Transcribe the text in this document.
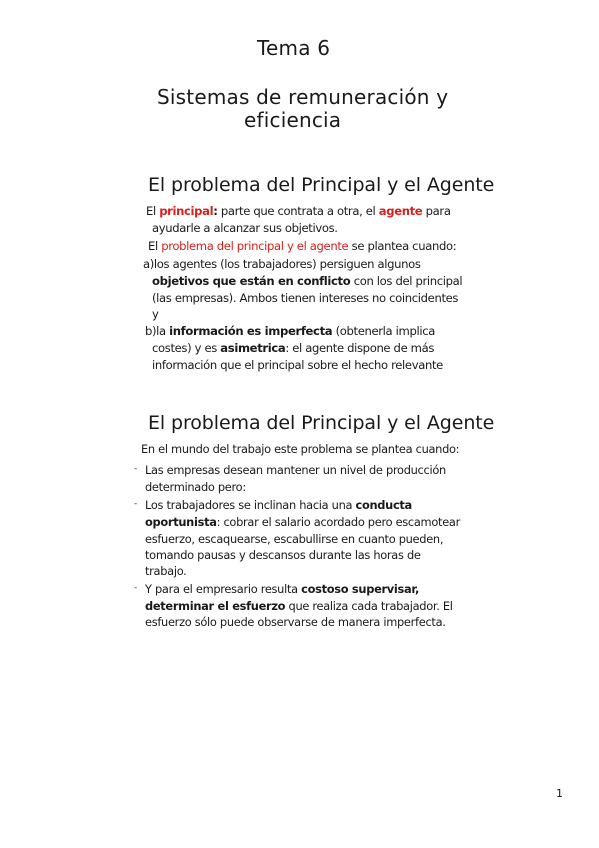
Tema 6
Sistemas de remuneración y
eficiencia
El problema del Principal y el Agente
El principal: parte que contrata a otra, el agente para
ayudarle a alcanzar sus objetivos.
El problema del principal y el agente se plantea cuando:
a)los agentes (los trabajadores) persiguen algunos
objetivos que están en conflicto con los del principal
(las empresas). Ambos tienen intereses no coincidentes
y
b)la información es imperfecta (obtenerla implica
costes) y es asimetrica: el agente dispone de más
información que el principal sobre el hecho relevante
El problema del Principal y el Agente
En el mundo del trabajo este problema se plantea cuando:
- Las empresas desean mantener un nivel de producción
determinado pero:
- Los trabajadores se inclinan hacia una conducta
oportunista: cobrar el salario acordado pero escamotear
esfuerzo, escaquearse, escabullirse en cuanto pueden,
tomando pausas y descansos durante las horas de
trabajo.
- Y para el empresario resulta costoso supervisar,
determinar el esfuerzo que realiza cada trabajador. El
esfuerzo sólo puede observarse de manera imperfecta.
1
